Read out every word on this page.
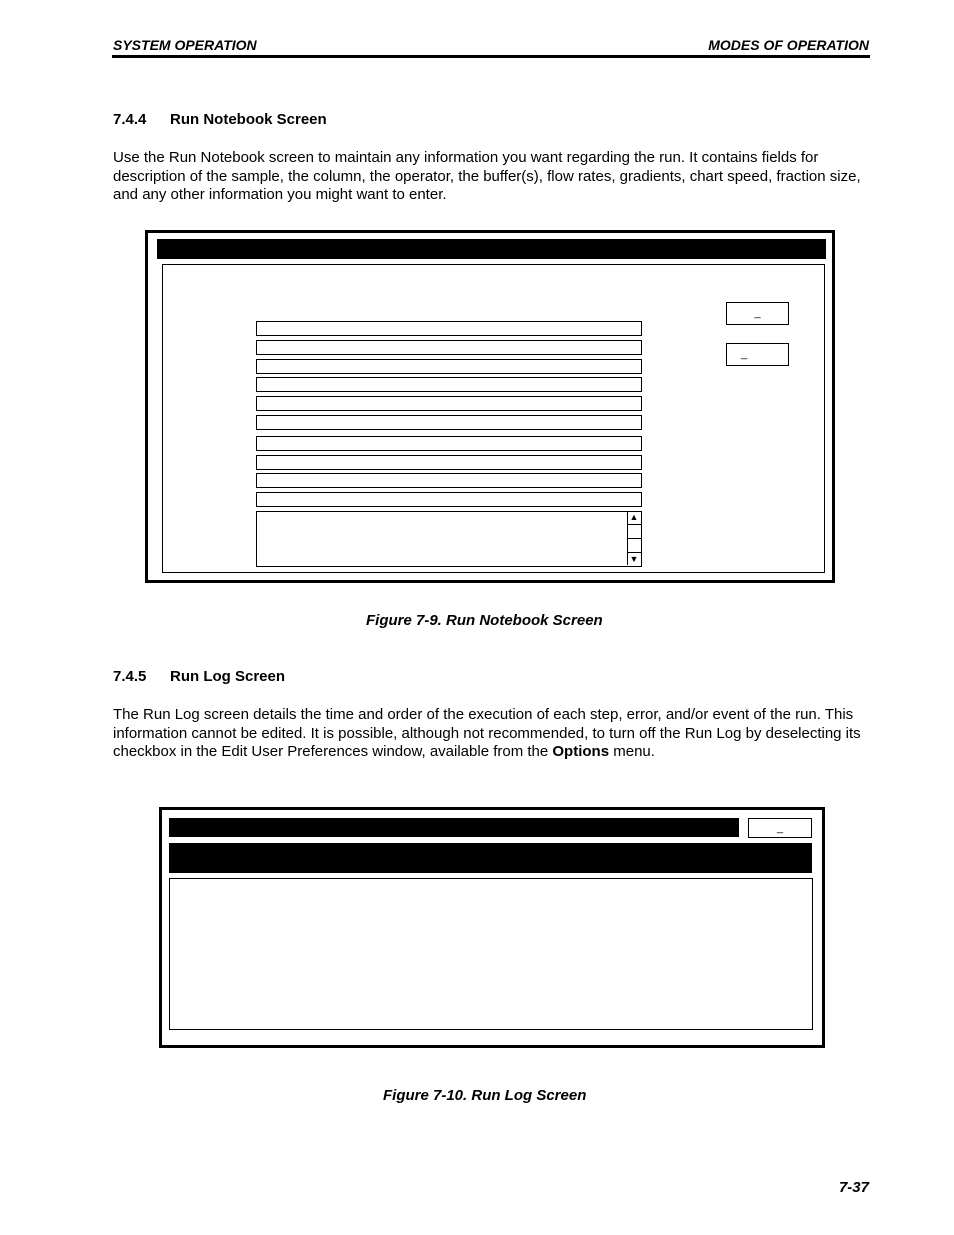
SYSTEM OPERATION	MODES OF OPERATION
7.4.4 Run Notebook Screen
Use the Run Notebook screen to maintain any information you want regarding the run. It contains fields for description of the sample, the column, the operator, the buffer(s), flow rates, gradients, chart speed, fraction size, and any other information you might want to enter.
▲
▼
_
_
Figure 7-9. Run Notebook Screen
7.4.5 Run Log Screen
The Run Log screen details the time and order of the execution of each step, error, and/or event of the run. This information cannot be edited. It is possible, although not recommended, to turn off the Run Log by deselecting its checkbox in the Edit User Preferences window, available from the Options menu.
_
Figure 7-10. Run Log Screen
7-37
